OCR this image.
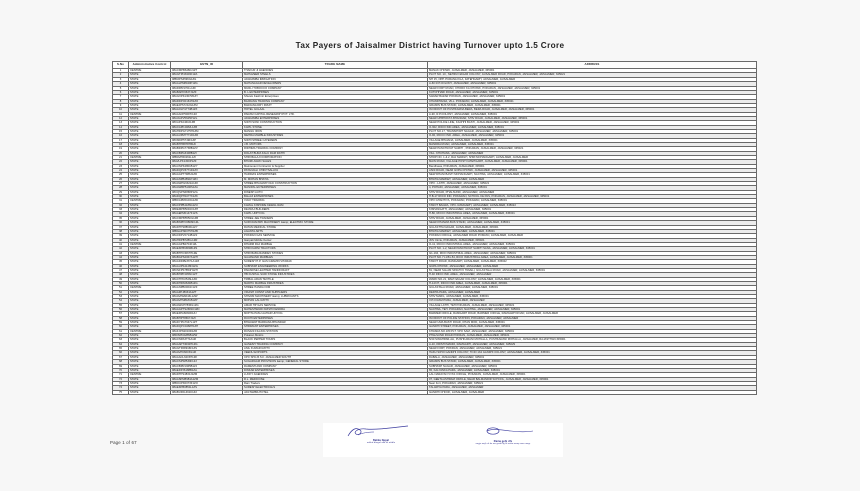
Tax Payers of Jaisalmer District having Turnover upto 1.5 Crore
S.No	Administrative Control	GSTN_ID	TRADE NAME	ADDRESS
1	CENTRE	08ACMPB6480J1ZT	THAKUR JI AGENCIES	MANAK CHOWK, JAISALMER, JAISALMER, 345001
2	STATE	08AGTPN3409F1ZA	MAHAVEER STEELS	PLOT NO. 10 , NEHRU NAGAR COLONY, JAISALMER ROAD, POKARAN, JAISALMER, JAISALMER, 345021
3	STATE	08BIJPS4596G1ZG	JAGDAMBA IRRIGATION	NH 15, OPP. PURANA KILA, FATEHGARH, JAISALMER, JAISALMER
4	STATE	08AALPM8040P1ZG	MAHANAGAR DEVELOPERS	A-60 R.P.COLONY, JAISALMER, JAISALMER, 345001
5	STATE	08ADIPR1701L1ZF	MURLI TOBOCCO COMPANY	NEAR FORT ROAD, CHORO KA CHOWK, POKARAN, JAISALMER, JAISALMER, 345001
6	STATE	08ABAPK6637J1ZF	B. L ENTERPRISES	KUTCHHARI ROAD, JAISALMER, JAISALMER, 345001
7	STATE	08AGXPK1307M1ZY	Shivam Kashmir Enterprises	SADAR BAZAR POKRAN, JAISALMER, JAISALMER, 345001
8	STATE	08ADDPC0164H1ZO	BAJRANG TRADING COMPANY	CHANDHANIA, VILL. POKARAN, JAISALMER, JAISALMER, 345021
9	STATE	08AEJPS7242G1ZM	BARJANA DRY FRUIT	GRAMIN BUS STAND, JAISALMER, JAISALMER, 345001
10	STATE	08AAOLH1774B1ZX	HOTEL GULAAL	IN FRONT OF PUSHKARNA BERA, BERA ROAD, JAISALMER, JAISALMER, 345001
11	CENTRE	08AAACP5067F1Z2	PARAM CAPITAL RESEARCH PVT. LTD.	A-90, R.P.COLONY, JAISALMER, JAISALMER, 345001
12	STATE	08AIJAPV5625P1ZL	JAGDAMBA ENTERPRISES	NEAR UPBHOKTA BHANDAR, SHIV ROAD, JAISALMER, JAISALMER, 345001
13	STATE	08CAPK2460J1ZB	NIDHI SONI CONSTRUCTION	NEAR POLICE LINE, KACHHI BASTI, JAISALMER, JAISALMER, 345001
14	STATE	08ACAPK4082L1ZB	KAPIL STONE	O-302, RIICO IND.AREA, JAISALMER, JAISALMER, 345001
15	STATE	08AHDPG7175H1ZM	MANGU IRON	PLOT NO.17, TRANSPORT NAGAR, JAISALMER, JAISALMER, 345001
16	STATE	08AAUPM7771D1ZR	MEHRA MARBLE INDUSTRIES	O-90, RICCO IND. AREA, JAISALMER, JAISALMER, 345001
17	STATE	08CMDP5749F1ZP	NIDHI SHREE CATERERS	VILLAGE BHAIANA, JAISALMER, JAISALMER, 345001
18	STATE	08ABTPB8787B1ZI	J.B. MOTORS	MANDRA ROAD, JAISALMER, JAISALMER, 345001
19	STATE	08ABDPG7738B1ZV	RIDHIMA TRADING COMPANY	NEAR PANCHAYAT SAMITI , POKARAN, JAISALMER, JAISALMER, 345021
20	STATE	08ACBPG3408B1ZI	DOLAT BURA KALU RAM RATHI	VILL. KHUHANA, JAISALMER, JAISALMER
21	CENTRE	08BAVPR0261L1ZI	SHRI BALAJI CORPORATION	SHOP NO. 1 & 2, RAJ MARGH, SHRI MOHANGARH, JAISALMER, JAISALMER
22	STATE	08AVLPK1300P1ZF	BHUMI AGRO SALES	MAIN ROAD, VILLAGE POST FATEHGARH, JAISALMER, JAISALMER, 345001
23	STATE	08AUNPK4801B1ZY	Maintenant Contractor & Supplier	Bandhawa, POKARAN, JAISALMER, 345001
24	STATE	08ADQPV3771D1ZX	PATANJALI CHIKITSALAYA	ASNI ROAD, NEAR GOPA CHOWK, JAISALMER, JAISALMER, 345001
25	STATE	08AAGPT7986J1ZD	HARIDAS ENTERPRISES	NEW DHANI BASTI MOHANGARH, NACHNA, JAISALMER, JAISALMER, 345001
26	STATE	08AANPB4891P1ZN	M. MOHAN BHATIA	BHATIA MARKET, JAISALMER, JAISALMER
27	STATE	08AAWPG6322A1ZK	SHREE BHAGWATI RAI CONSTRUCTION	VPO - LATHI, JAISALMER, JAISALMER, 345021
28	STATE	08AAWBP5196S1ZA	MANIPAL ENTERPRISES	4, POHADI, JAISALMER, JAISALMER, 345001
29	STATE	08CQSPS6868P1ZA	DINESH AUTO	SHIV ROAD, PHALSUND, JAISALMER, JAISALMER
30	STATE	08ADQPH1077K1ZK	BALAJI ENTERPRISES	H.B-17 RIICO IND. POKARAN, SCHOOL KE PAS, POKARAN, JAISALMER, JAISALMER, 345001
31	CENTRE	08BCAPR6100G1ZD	VIJAY TRADING	VPO GHANTIYA, POKARAN, POKARAN, JAISALMER, 345001
32	STATE	08ACPPB4186G1ZU	KAMAL KISHORE KEWAL RAM	TANOT BAGRA, VPO- RAMGARH, JAISALMER, JAISALMER, 345022
33	STATE	08DEMPB5094C1ZH	DEVRAJ BUILDERS	KISHANGATH, JAISALMER, JAISALMER, 345001
34	STATE	08AAEPM0147F1ZS	KAPIL UDHYOG	H-80, RICCO INDUSTRIAL AREA, JAISALMER, JAISALMER, 345001
35	STATE	08ACMPB5550G1ZB	SHREE JEE TRADERS	SHIV ROAD, JAISALMER, JAISALMER, 345001
36	STATE	08ABNPPC6806F1ZL	SURYAVANSHI MACHINERY &amp; ELECTRIC STORE	NEAR KHANWA BUS STAND, JAISALMER, JAISALMER, 345001
37	STATE	08ADTPS8869G1ZY	RATAN MEDICAL STORE	GULASTHA NAGAR, JAISALMER, JAISALMER, 345001
38	STATE	08BGAPN0075H1ZB	AGANTA ARTS	BHATIA MARKET, JAISALMER, JAISALMER, 345001
39	STATE	08ACDPV2714B1Z2	POKRAN GAS SERVICE	POKRAN CIRCLE, JAISALMER ROAD POKRAN, JAISALMER, JAISALMER
40	STATE	08AHDPB7281L1ZR	Ganpati Mobile Center	JNV Circle, POKARAN, JAISALMER, 345021
41	CENTRE	08AAGPB4704F1ZL	DHARM RAJ MARBLE	O-41, RICCO INDUSTRIAL AREA, JAISALMER, JAISALMER, 345001
42	STATE	08AEKPB6384B1ZS	SHRI KARNI TRACTORS	PLOT NO. 1-2, NEAR PANCHAYAT SAMITI SANA, JAISALMER, JAISALMER, 345001
43	STATE	08ABTPK3067H1ZE	SHRI BABA RAMDEV STONES	G1-194, RICO INDUSTRIAL AREA, JAISALMER, JAISALMER, 345001
44	STATE	08ABGPS4067A1ZH	GAJANAND MARBLES	PLOT NO. H-1/51-54, RICO INDUSTRIAL AREA, JAISALMER, JAISALMER, 345001
45	STATE	08AADDPE3371A1ZZ	SURESH H.P. GAS GRAMIN VITARAK	TANOT ROAD, RAMGARH, JAISALMER, JAISALMER, 345022
46	STATE	08AAUPS4128N1ZG	SUBHASH ENGINEERING WORKS	GUPA CHOWK, JAISALMER, JAISALMER, JAISALMER
47	STATE	08CNFPS7854H1ZH	PARADISE LEATHER HANDICRAFT	81, NEAR SALAM SINGH KI HAVELI, GULASTALA ROAD, JAISALMER, JAISALMER, 345001
48	STATE	08ABHPP4056C1ZT	HB KUSHAL SURI STONE INDUSTRIES	H-92 RIICO IND. AREA, JAISALMER, JAISALMER
49	STATE	08ACTPD2526L1ZD	TRIBAL ARAN TEXTILE	WARD NO-21, RAM NAGAR COLONY, JAISALMER, JAISALMER, 345001
50	STATE	08ADHPA6634B1ZG	MADHU MARBLE INDUSTRIES	H-143 H, RICCO IND AREA, JAISALMER, JAISALMER, 345001
51	CENTRE	08AANPB0064C1ZF	SHREE HANDLOOM	GULASTALA ROAD, JAISALMER, JAISALMER, 345001
52	STATE	08AAZPJ8034A1ZT	VIKASH CONST AND SUPPLIERS	DEDHA PARA, JAISALMER, JAISALMER
53	STATE	08AAVPE6643L1ZW	SHIVAM MACHINERY &amp; LUBRICANTS	SHIV MARG, JAISALMER, JAISALMER, 345001
54	STATE	08AAVPM8181B1ZP	MOHAN LAL RATHI	V.P.O RAM PURA, JAISALMER, JAISALMER
55	STATE	08AAWUP7836G1ZG	AMAR HP GAS SERVICE	VILLAGE LATHI, TEH POKARAN, JAISALMER, JAISALMER, 345021
56	STATE	08AAGPTS2681D1ZD	MAHESHWARI KRISHI KENDRA	NACHNA, TEH. POKARAN, NACHNA, JAISALMER, JAISALMER, 345001
57	STATE	08AEFPA6630D1ZJ	MOHTA PASU AAHAR UDYOG	BARMER CIRCLE, RAMGARH ROAD, BARMER CIRCLE, RAMGARH ROAD, JAISALMER, JAISALMER
58	STATE	08ABHPT8667J1ZI	RUCHI ENTERPRISES	IN FRONT OF POLICE STATION, POKARAN, JAISALMER, JAISALMER
59	STATE	08ADYPG7647L1ZT	BHAGWAT BARDANA BHANDAR	NEAR UMA BASTI ROAD, CHAN MOD, JAISALMER, 345001
60	STATE	08ADQPC0468H1ZH	SHRIMANT ENTERPRISES	GANDHI STREET, POKARAN, JAISALMER, JAISALMER, 345001
61	CENTRE	08AFJPN2016D1ZR	RUSANI FILLING STATION	KHASRA NO.180 PLT. VPO SAM, JAISALMER, JAISALMER, 345001
62	STATE	08DISPD2286B1ZW	Pokaran Motors	PHALSUND ROAD POKRAN, JAISALMER, JAISALMER, 345021
63	STATE	08ACNPA3774A1ZI	BLACK PEPPER TOURS	5/40 SINGHPAR-ALI, PUSHKARANI MOHALLA, PUSHKARANI MOHALLA, JAISALMER, RAJASTHAN 345001
64	STATE	08AAAPT3032H1ZG	GANESH TRADING COMPANY	A-10, KRISHI MANDI, RAMGARH, JAISALMER, JAISALMER, 345029
65	STATE	08AGTPA8916F1ZS	ANIL KUMAR RATHI	NEAR FORT, POKRAN, JAISALMER, JAISALMER, 345021
66	STATE	08AAVPK6615G1ZI	VEENU EXPORTS	HAKU SIPOI GANDHI COLONY, H NO 134 GANDHI COLONY, JAISALMER, JAISALMER, 345001
67	STATE	08AAACL6215H1ZK	CPC SHG B.S.F. JAISALMER SOUTH	DABALA, JAISALMER, JAISALMER, 345001
68	STATE	08ACSPS8530F1ZJ	SUGARGAM PROVISION &amp; GENERAL STORE	GRAMIN BUS STAND, JAISALMER, JAISALMER, 345001
69	STATE	08ACBPR1965B1ZJ	RAMESH AND COMPANY	SUBHASH NAGAR, JAISALMER, JAISALMER, 345001
70	STATE	08AEDPJ6188B1ZA	DINKAR ENTERPRISES	65, KALYANKA PARA, JAISALMER, JAISALMER, 345001
71	CENTRE	08ADTPS4834J1ZM	LUCKY AGENCIES	LAL NARAYAN VYAS CIRCLE, POKARAN, JAISALMER, JAISALMER, 345001
72	STATE	08AASPM8984A1ZM	R.L. MEDICOSE	07, GEETA ASHRAM CIRCLE, NEAR BALMANDIR SCHOOL, JAISALMER, JAISALMER, 345001
73	STATE	08BOUPK0073F1ZO	Ram Traders	Near Fort, POKARAN, JAISALMER, 345021
74	STATE	08AEKPB0854L1ZS	SURESH ELECTRICALS	TALARIYA PARA, JAISALMER, JAISALMER
75	STATE	08ABUPA1461K1Z2	JAGTAMBA HOTEL	GANDHI CHOCK, JAISALMER, JAISALMER
Balika Nepal
aahhd bhngah dfb kk mkdfu	Rama gehi dfs
aagjn wnjf uk de wa gradt llg kf walm moap ama umgr
Page 1 of 67
